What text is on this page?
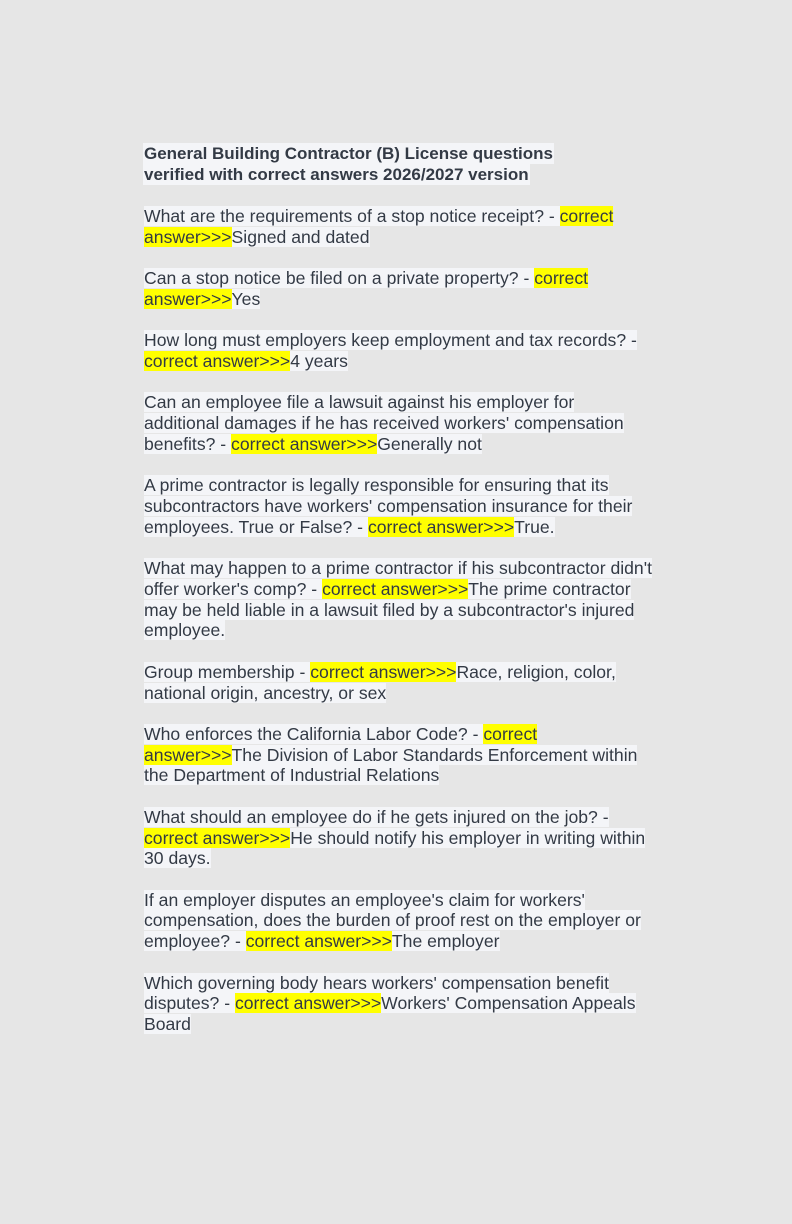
General Building Contractor (B) License questions
verified with correct answers 2026/2027 version
What are the requirements of a stop notice receipt? - correct answer>>>Signed and dated
Can a stop notice be filed on a private property? - correct answer>>>Yes
How long must employers keep employment and tax records? - correct answer>>>4 years
Can an employee file a lawsuit against his employer for additional damages if he has received workers' compensation benefits? - correct answer>>>Generally not
A prime contractor is legally responsible for ensuring that its subcontractors have workers' compensation insurance for their employees. True or False? - correct answer>>>True.
What may happen to a prime contractor if his subcontractor didn't offer worker's comp? - correct answer>>>The prime contractor may be held liable in a lawsuit filed by a subcontractor's injured employee.
Group membership - correct answer>>>Race, religion, color, national origin, ancestry, or sex
Who enforces the California Labor Code? - correct answer>>>The Division of Labor Standards Enforcement within the Department of Industrial Relations
What should an employee do if he gets injured on the job? - correct answer>>>He should notify his employer in writing within 30 days.
If an employer disputes an employee's claim for workers' compensation, does the burden of proof rest on the employer or employee? - correct answer>>>The employer
Which governing body hears workers' compensation benefit disputes? - correct answer>>>Workers' Compensation Appeals Board
